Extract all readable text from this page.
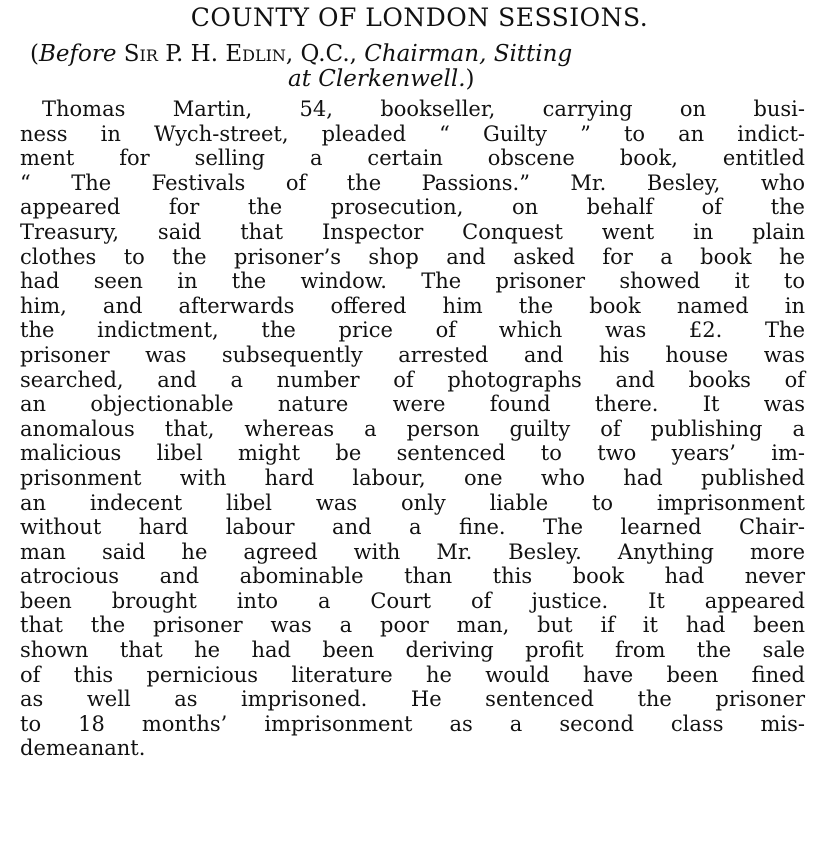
COUNTY OF LONDON SESSIONS.
(Before Sir P. H. Edlin, Q.C., Chairman, Sitting
at Clerkenwell.)
Thomas Martin, 54, bookseller, carrying on busi-
ness in Wych-street, pleaded “ Guilty ” to an indict-
ment for selling a certain obscene book, entitled
“ The Festivals of the Passions.” Mr. Besley, who
appeared for the prosecution, on behalf of the
Treasury, said that Inspector Conquest went in plain
clothes to the prisoner’s shop and asked for a book he
had seen in the window. The prisoner showed it to
him, and afterwards offered him the book named in
the indictment, the price of which was £2. The
prisoner was subsequently arrested and his house was
searched, and a number of photographs and books of
an objectionable nature were found there. It was
anomalous that, whereas a person guilty of publishing a
malicious libel might be sentenced to two years’ im-
prisonment with hard labour, one who had published
an indecent libel was only liable to imprisonment
without hard labour and a fine. The learned Chair-
man said he agreed with Mr. Besley. Anything more
atrocious and abominable than this book had never
been brought into a Court of justice. It appeared
that the prisoner was a poor man, but if it had been
shown that he had been deriving profit from the sale
of this pernicious literature he would have been fined
as well as imprisoned. He sentenced the prisoner
to 18 months’ imprisonment as a second class mis-
demeanant.
